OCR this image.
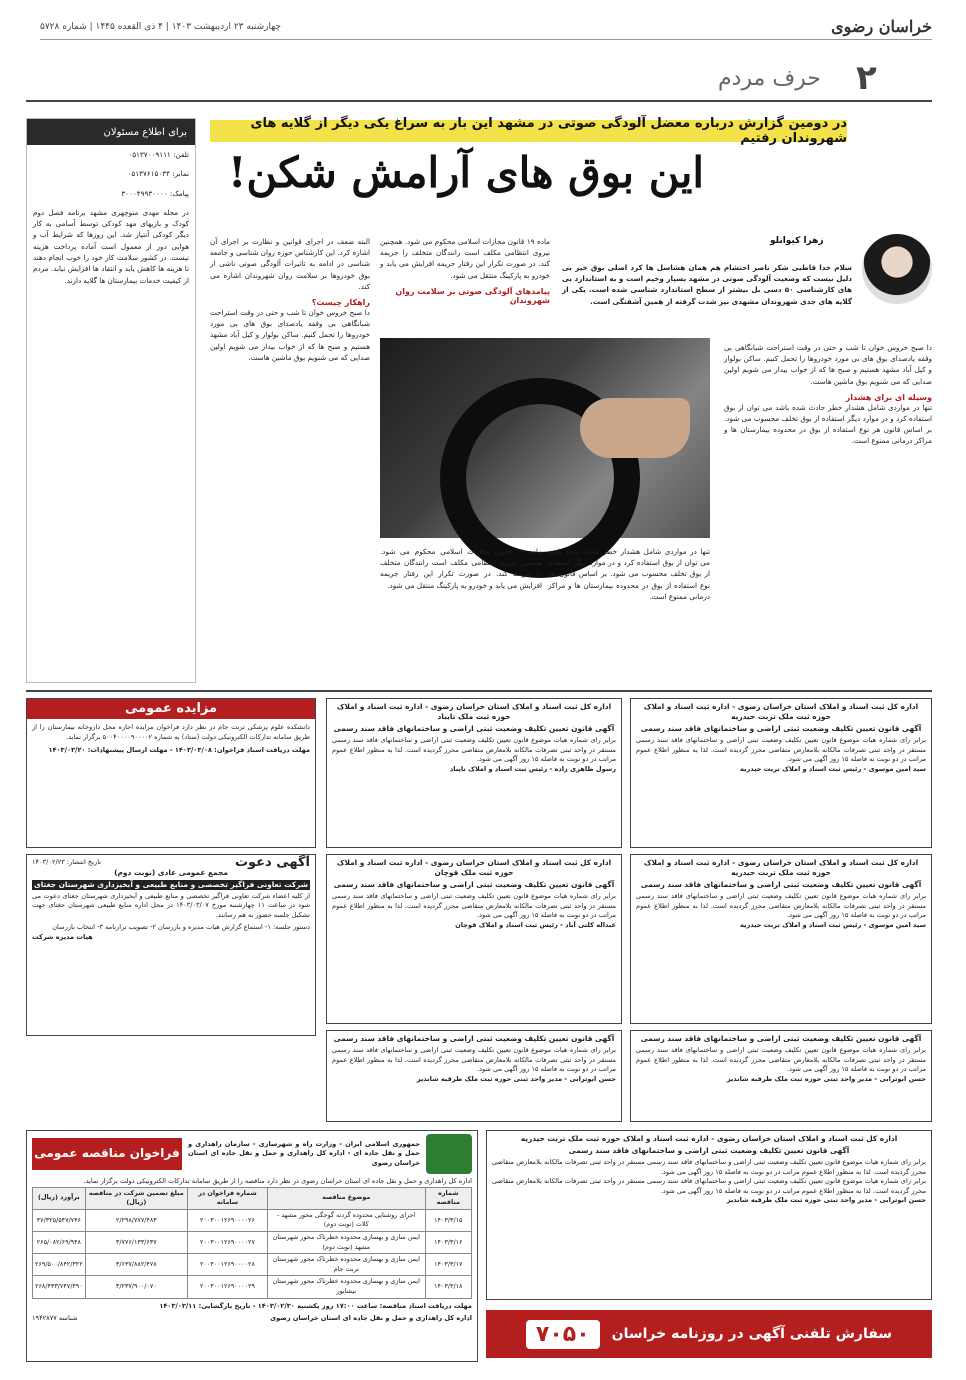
خراسان رضوی
چهارشنبه ۲۳ اردیبهشت ۱۴۰۳ | ۴ ذی القعده ۱۴۴۵ | شماره ۵۷۲۸
۲
حرف مردم
در دومین گزارش درباره معضل آلودگی صوتی در مشهد این بار به سراغ یکی دیگر از گلایه های شهروندان رفتیم
این بوق های آرامش شکن!
زهرا کیوانلو
سلام خدا قاطبی شکر ناصر احتشام هم همان هشاسل ها کرد اصلی بوق خیر بی دلیل نیست که وضعیت آلودگی صوتی در مشهد بسیار وخیم است و به استاندارد بی های کارشناسی ۵۰ دسی بل بیشتر از سطح استاندارد شناسی شده است. یکی از گلایه های جدی شهروندان مشهدی نیز شدت گرفته از همین آشفتگی است.

دا صبح خروس خوان تا شب و حتی در وقت استراحت شبانگاهی بی وقفه یادصدای بوق های بی مورد خودروها را تحمل کنیم. ساکن بولوار و کیل آباد مشهد هستیم و صبح ها که از خواب بیدار می شویم اولین صدایی که می شنویم بوق ماشین هاست.

وسیله ای برای هشدار

تنها در مواردی شامل هشدار خطر حادث شده باشد می توان از بوق استفاده کرد و در موارد دیگر استفاده از بوق تخلف محسوب می شود. بر اساس قانون هر نوع استفاده از بوق در محدوده بیمارستان ها و مراکز درمانی ممنوع است.

تنها در مواردی شامل هشدار خطر حادث شده باشد می توان از بوق استفاده کرد و در موارد دیگر استفاده از بوق تخلف محسوب می شود. بر اساس قانون هر نوع استفاده از بوق در محدوده بیمارستان ها و مراکز درمانی ممنوع است.

ماده ۱۹ قانون مجازات اسلامی محکوم می شود. همچنین نیروی انتظامی مکلف است رانندگان متخلف را جریمه کند. در صورت تکرار این رفتار جریمه افزایش می یابد و خودرو به پارکینگ منتقل می شود.

ماده ۱۹ قانون مجازات اسلامی محکوم می شود. همچنین نیروی انتظامی مکلف است رانندگان متخلف را جریمه کند. در صورت تکرار این رفتار جریمه افزایش می یابد و خودرو به پارکینگ منتقل می شود.

پیامدهای آلودگی صوتی بر سلامت روان شهروندان

البته ضعف در اجرای قوانین و نظارت بر اجرای آن اشاره کرد. این کارشناس حوزه روان شناسی و جامعه شناسی در ادامه به تاثیرات آلودگی صوتی ناشی از بوق خودروها بر سلامت روان شهروندان اشاره می کند.

راهکار چیست؟

دا صبح خروس خوان تا شب و حتی در وقت استراحت شبانگاهی بی وقفه یادصدای بوق های بی مورد خودروها را تحمل کنیم. ساکن بولوار و کیل آباد مشهد هستیم و صبح ها که از خواب بیدار می شویم اولین صدایی که می شنویم بوق ماشین هاست.

برای اطلاع مسئولان

تلفن: ۰۵۱۳۷۰۰۹۱۱۱

نمابر: ۰۵۱۳۷۶۱۵۰۳۴

پیامک: ۳۰۰۰۴۹۹۳۰۰۰۰

در محله مهدی منوچهری مشهد برنامه فصل دوم کودک و بازیهای مهد کودکی توسط آسامی به کار دیگر کودکی آنتیاز شد. این روزها که شرایط آب و هوایی دور از معمول است آماده پرداخت هزینه نیست. در کشور سلامت کار خود را خوب انجام دهند تا هزینه ها کاهش یابد و انتقاد ها افزایش نیابد. مردم از کیفیت خدمات بیمارستان ها گلایه دارند.

مزایده عمومی

دانشکده علوم پزشکی تربت جام در نظر دارد فراخوان مزایده اجاره محل داروخانه بیمارستان را از طریق سامانه تدارکات الکترونیکی دولت (ستاد) به شماره ۵۰۰۴۰۰۰۰۹۰۰۰۰۲ برگزار نماید.

مهلت دریافت اسناد فراخوان: ۱۴۰۳/۰۳/۰۸ - مهلت ارسال پیشنهادات: ۱۴۰۳/۰۳/۲۰

آگهی دعوت
تاریخ انتشار: ۱۴۰۳/۰۲/۲۳

مجمع عمومی عادی (نوبت دوم)

شرکت تعاونی فراگیر تخصصی و منابع طبیعی و آبخیزداری شهرستان جغتای

از کلیه اعضاء شرکت تعاونی فراگیر تخصصی و منابع طبیعی و آبخیزداری شهرستان جغتای دعوت می شود در ساعت ۱۱ چهارشنبه مورخ ۱۴۰۳/۰۳/۰۷ در محل اداره منابع طبیعی شهرستان جغتای جهت تشکیل جلسه حضور به هم رسانند.

دستور جلسه: ۱- استماع گزارش هیات مدیره و بازرسان ۲- تصویب ترازنامه ۳- انتخاب بازرسان

هیات مدیره شرکت

اداره کل ثبت اسناد و املاک استان خراسان رضوی - اداره ثبت اسناد و املاک حوزه ثبت ملک تایباد

آگهی قانون تعیین تکلیف وضعیت ثبتی اراضی و ساختمانهای فاقد سند رسمی

برابر رای شماره هیات موضوع قانون تعیین تکلیف وضعیت ثبتی اراضی و ساختمانهای فاقد سند رسمی مستقر در واحد ثبتی تصرفات مالکانه بلامعارض متقاضی محرز گردیده است. لذا به منظور اطلاع عموم مراتب در دو نوبت به فاصله ۱۵ روز آگهی می شود.

رسول طاهری زاده - رئیس ثبت اسناد و املاک تایباد

اداره کل ثبت اسناد و املاک استان خراسان رضوی - اداره ثبت اسناد و املاک حوزه ثبت ملک تربت حیدریه

آگهی قانون تعیین تکلیف وضعیت ثبتی اراضی و ساختمانهای فاقد سند رسمی

برابر رای شماره هیات موضوع قانون تعیین تکلیف وضعیت ثبتی اراضی و ساختمانهای فاقد سند رسمی مستقر در واحد ثبتی تصرفات مالکانه بلامعارض متقاضی محرز گردیده است. لذا به منظور اطلاع عموم مراتب در دو نوبت به فاصله ۱۵ روز آگهی می شود.

سید امین موسوی - رئیس ثبت اسناد و املاک تربت حیدریه

اداره کل ثبت اسناد و املاک استان خراسان رضوی - اداره ثبت اسناد و املاک حوزه ثبت ملک قوچان

آگهی قانون تعیین تکلیف وضعیت ثبتی اراضی و ساختمانهای فاقد سند رسمی

برابر رای شماره هیات موضوع قانون تعیین تکلیف وضعیت ثبتی اراضی و ساختمانهای فاقد سند رسمی مستقر در واحد ثبتی تصرفات مالکانه بلامعارض متقاضی محرز گردیده است. لذا به منظور اطلاع عموم مراتب در دو نوبت به فاصله ۱۵ روز آگهی می شود.

عبداله کلتی آباد - رئیس ثبت اسناد و املاک قوچان

اداره کل ثبت اسناد و املاک استان خراسان رضوی - اداره ثبت اسناد و املاک حوزه ثبت ملک تربت حیدریه

آگهی قانون تعیین تکلیف وضعیت ثبتی اراضی و ساختمانهای فاقد سند رسمی

برابر رای شماره هیات موضوع قانون تعیین تکلیف وضعیت ثبتی اراضی و ساختمانهای فاقد سند رسمی مستقر در واحد ثبتی تصرفات مالکانه بلامعارض متقاضی محرز گردیده است. لذا به منظور اطلاع عموم مراتب در دو نوبت به فاصله ۱۵ روز آگهی می شود.

سید امین موسوی - رئیس ثبت اسناد و املاک تربت حیدریه

آگهی قانون تعیین تکلیف وضعیت ثبتی اراضی و ساختمانهای فاقد سند رسمی

برابر رای شماره هیات موضوع قانون تعیین تکلیف وضعیت ثبتی اراضی و ساختمانهای فاقد سند رسمی مستقر در واحد ثبتی تصرفات مالکانه بلامعارض متقاضی محرز گردیده است. لذا به منظور اطلاع عموم مراتب در دو نوبت به فاصله ۱۵ روز آگهی می شود.

حسن ابوترابی - مدیر واحد ثبتی حوزه ثبت ملک طرقبه شاندیز

آگهی قانون تعیین تکلیف وضعیت ثبتی اراضی و ساختمانهای فاقد سند رسمی

برابر رای شماره هیات موضوع قانون تعیین تکلیف وضعیت ثبتی اراضی و ساختمانهای فاقد سند رسمی مستقر در واحد ثبتی تصرفات مالکانه بلامعارض متقاضی محرز گردیده است. لذا به منظور اطلاع عموم مراتب در دو نوبت به فاصله ۱۵ روز آگهی می شود.

حسن ابوترابی - مدیر واحد ثبتی حوزه ثبت ملک طرقبه شاندیز

جمهوری اسلامی ایران - وزارت راه و شهرسازی - سازمان راهداری و حمل و نقل جاده ای - اداره کل راهداری و حمل و نقل جاده ای استان خراسان رضوی

فراخوان مناقصه عمومی

اداره کل راهداری و حمل و نقل جاده ای استان خراسان رضوی در نظر دارد مناقصه را از طریق سامانه تدارکات الکترونیکی دولت برگزار نماید.

شماره مناقصه	موضوع مناقصه	شماره فراخوان در سامانه	مبلغ تضمین شرکت در مناقصه (ریال)	برآورد (ریال)
۱۴۰۳/۳/۱۵	اجرای روشنایی محدوده گردنه گوجگی محور مشهد - کلات (نوبت دوم)	۲۰۰۳۰۰۱۲۶۹۰۰۰۰۲۶	۲/۲۹۸/۷۷۷/۴۸۳	۴۷/۳۲۵/۵۴۷/۷۴۶
۱۴۰۳/۳/۱۶	ایمن سازی و بهسازی محدوده خطرناک محور شهرستان مشهد (نوبت دوم)	۲۰۰۳۰۰۱۲۶۹۰۰۰۰۲۷	۳/۷۷۶/۱۳۳/۶۳۷	۲۶۵/۰۸۲/۶۹/۹۴۸
۱۴۰۳/۳/۱۷	ایمن سازی و بهسازی محدوده خطرناک محور شهرستان تربت جام	۲۰۰۳۰۰۱۲۶۹۰۰۰۰۲۸	۳/۶۳۷/۸۸۲/۴۷۸	۲۶۹/۵۰۰/۸۴۲/۳۲۲
۱۴۰۳/۳/۱۸	ایمن سازی و بهسازی محدوده خطرناک محور شهرستان نیشابور	۲۰۰۳۰۰۱۲۶۹۰۰۰۰۲۹	۳/۲۳۷/۹۰۰/۰۷۰	۲۶۸/۴۳۳/۷۴۷/۴۹۰

مهلت دریافت اسناد مناقصه: ساعت ۱۷:۰۰ روز یکشنبه ۱۴۰۳/۰۲/۳۰ - تاریخ بازگشایی: ۱۴۰۳/۰۳/۱۱

اداره کل راهداری و حمل و نقل جاده ای استان خراسان رضوی
شناسه ۱۹۴۲۸۷۷

اداره کل ثبت اسناد و املاک استان خراسان رضوی - اداره ثبت اسناد و املاک حوزه ثبت ملک تربت حیدریه

آگهی قانون تعیین تکلیف وضعیت ثبتی اراضی و ساختمانهای فاقد سند رسمی

برابر رای شماره هیات موضوع قانون تعیین تکلیف وضعیت ثبتی اراضی و ساختمانهای فاقد سند رسمی مستقر در واحد ثبتی تصرفات مالکانه بلامعارض متقاضی محرز گردیده است. لذا به منظور اطلاع عموم مراتب در دو نوبت به فاصله ۱۵ روز آگهی می شود.

برابر رای شماره هیات موضوع قانون تعیین تکلیف وضعیت ثبتی اراضی و ساختمانهای فاقد سند رسمی مستقر در واحد ثبتی تصرفات مالکانه بلامعارض متقاضی محرز گردیده است. لذا به منظور اطلاع عموم مراتب در دو نوبت به فاصله ۱۵ روز آگهی می شود.

حسن ابوترابی - مدیر واحد ثبتی حوزه ثبت ملک طرقبه شاندیز

سفارش تلفنی آگهی در روزنامه خراسان
۷۰۵۰
